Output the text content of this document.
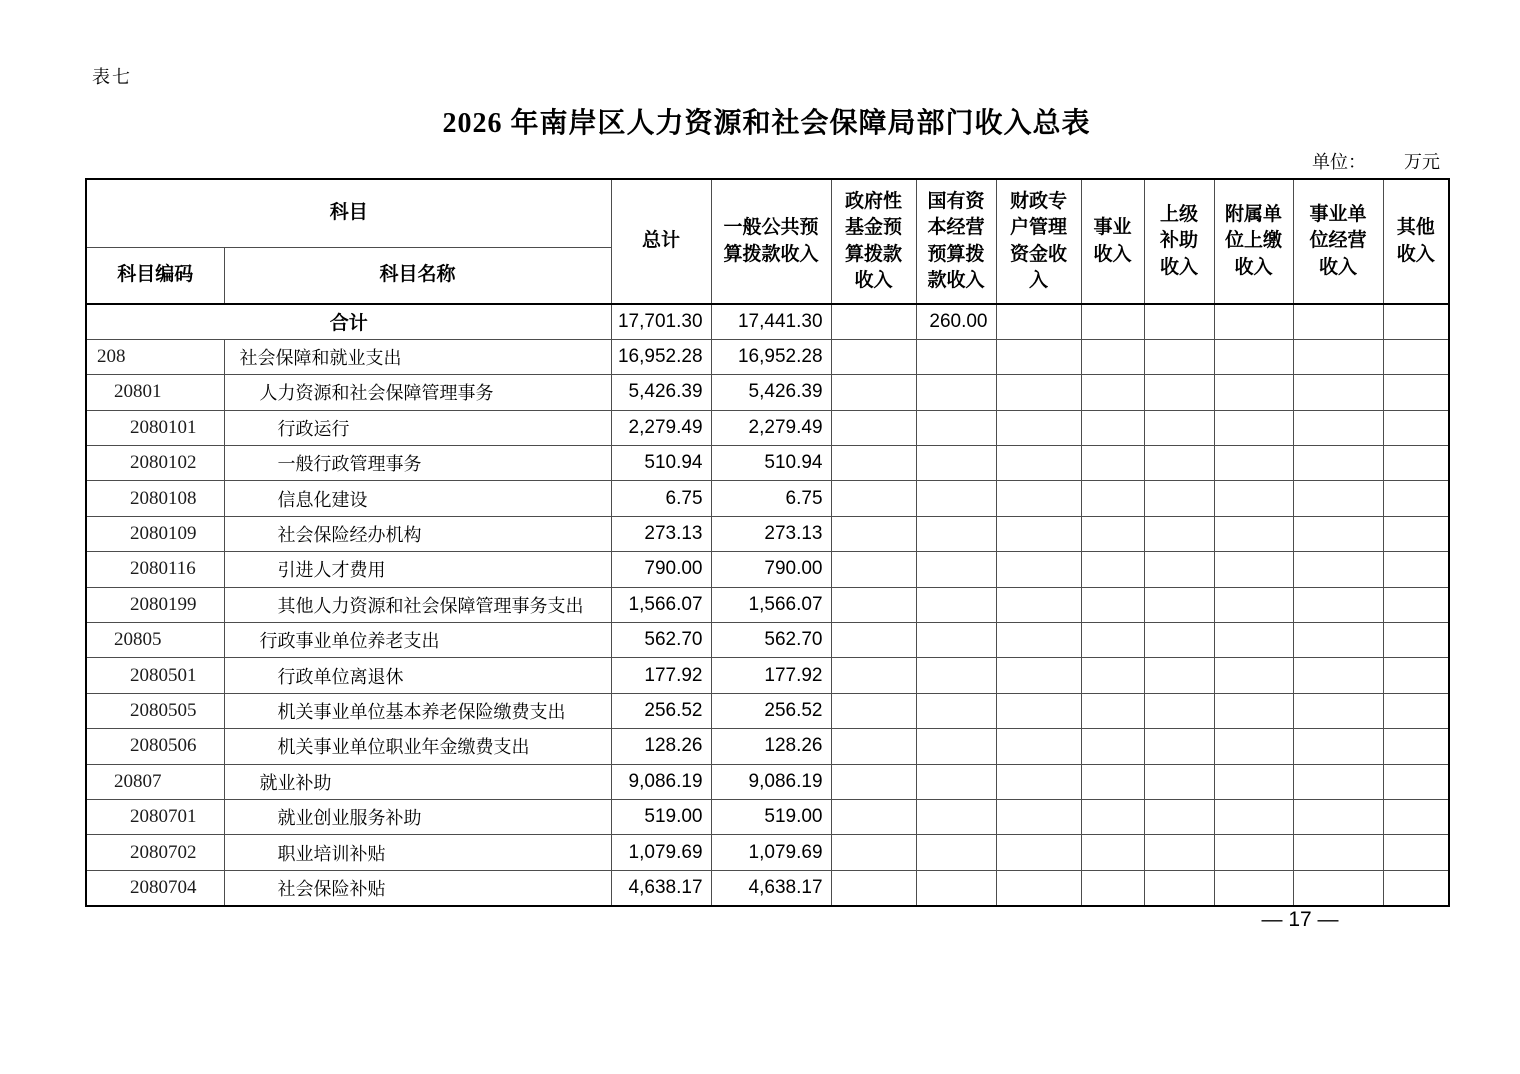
表七
2026 年南岸区人力资源和社会保障局部门收入总表
单位： 万元
科目		总计	一般公共预算拨款收入	政府性基金预算拨款收入	国有资本经营预算拨款收入	财政专户管理资金收入	事业收入	上级补助收入	附属单位上缴收入	事业单位经营收入	其他收入
科目编码	科目名称										
合计		17,701.30	17,441.30		260.00						
208	社会保障和就业支出	16,952.28	16,952.28								
20801	人力资源和社会保障管理事务	5,426.39	5,426.39								
2080101	行政运行	2,279.49	2,279.49								
2080102	一般行政管理事务	510.94	510.94								
2080108	信息化建设	6.75	6.75								
2080109	社会保险经办机构	273.13	273.13								
2080116	引进人才费用	790.00	790.00								
2080199	其他人力资源和社会保障管理事务支出	1,566.07	1,566.07								
20805	行政事业单位养老支出	562.70	562.70								
2080501	行政单位离退休	177.92	177.92								
2080505	机关事业单位基本养老保险缴费支出	256.52	256.52								
2080506	机关事业单位职业年金缴费支出	128.26	128.26								
20807	就业补助	9,086.19	9,086.19								
2080701	就业创业服务补助	519.00	519.00								
2080702	职业培训补贴	1,079.69	1,079.69								
2080704	社会保险补贴	4,638.17	4,638.17								
— 17 —
